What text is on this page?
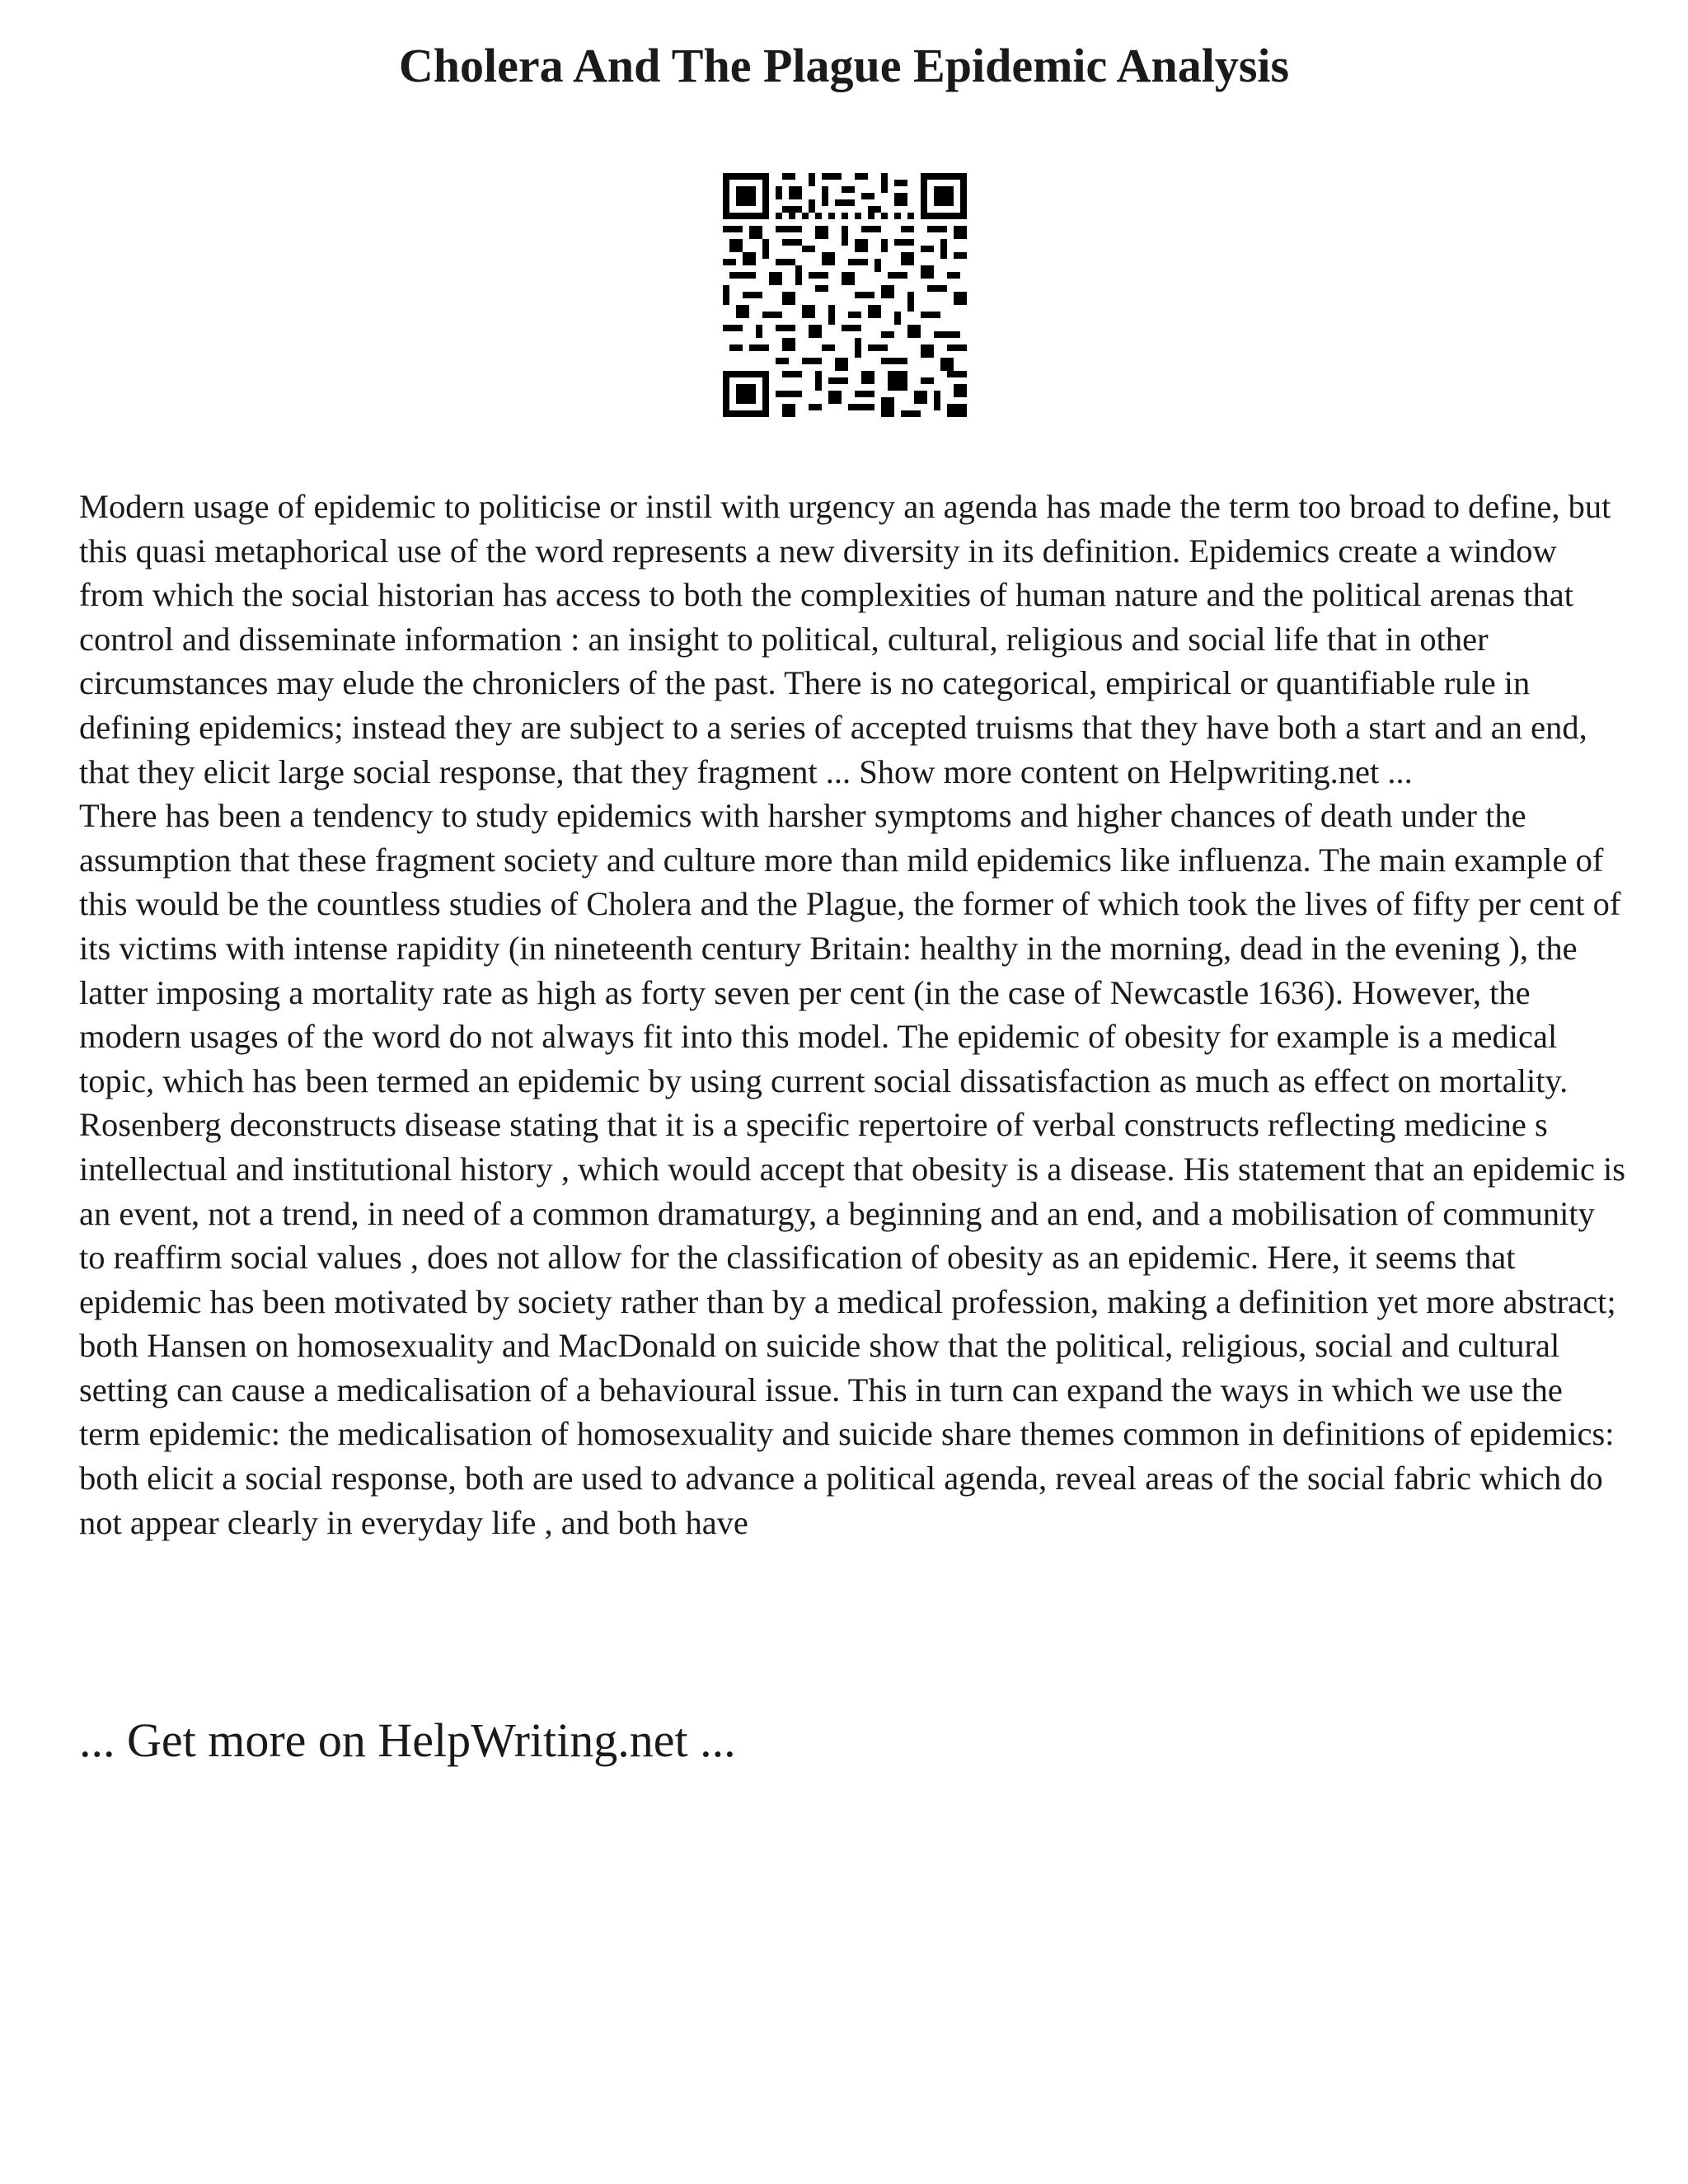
Cholera And The Plague Epidemic Analysis

Modern usage of epidemic to politicise or instil with urgency an agenda has made the term too broad to define, but this quasi metaphorical use of the word represents a new diversity in its definition. Epidemics create a window from which the social historian has access to both the complexities of human nature and the political arenas that control and disseminate information : an insight to political, cultural, religious and social life that in other circumstances may elude the chroniclers of the past. There is no categorical, empirical or quantifiable rule in defining epidemics; instead they are subject to a series of accepted truisms that they have both a start and an end, that they elicit large social response, that they fragment ... Show more content on Helpwriting.net ...

There has been a tendency to study epidemics with harsher symptoms and higher chances of death under the assumption that these fragment society and culture more than mild epidemics like influenza. The main example of this would be the countless studies of Cholera and the Plague, the former of which took the lives of fifty per cent of its victims with intense rapidity (in nineteenth century Britain: healthy in the morning, dead in the evening ), the latter imposing a mortality rate as high as forty seven per cent (in the case of Newcastle 1636). However, the modern usages of the word do not always fit into this model. The epidemic of obesity for example is a medical topic, which has been termed an epidemic by using current social dissatisfaction as much as effect on mortality. Rosenberg deconstructs disease stating that it is a specific repertoire of verbal constructs reflecting medicine s intellectual and institutional history , which would accept that obesity is a disease. His statement that an epidemic is an event, not a trend, in need of a common dramaturgy, a beginning and an end, and a mobilisation of community to reaffirm social values , does not allow for the classification of obesity as an epidemic. Here, it seems that epidemic has been motivated by society rather than by a medical profession, making a definition yet more abstract; both Hansen on homosexuality and MacDonald on suicide show that the political, religious, social and cultural setting can cause a medicalisation of a behavioural issue. This in turn can expand the ways in which we use the term epidemic: the medicalisation of homosexuality and suicide share themes common in definitions of epidemics: both elicit a social response, both are used to advance a political agenda, reveal areas of the social fabric which do not appear clearly in everyday life , and both have

... Get more on HelpWriting.net ...
